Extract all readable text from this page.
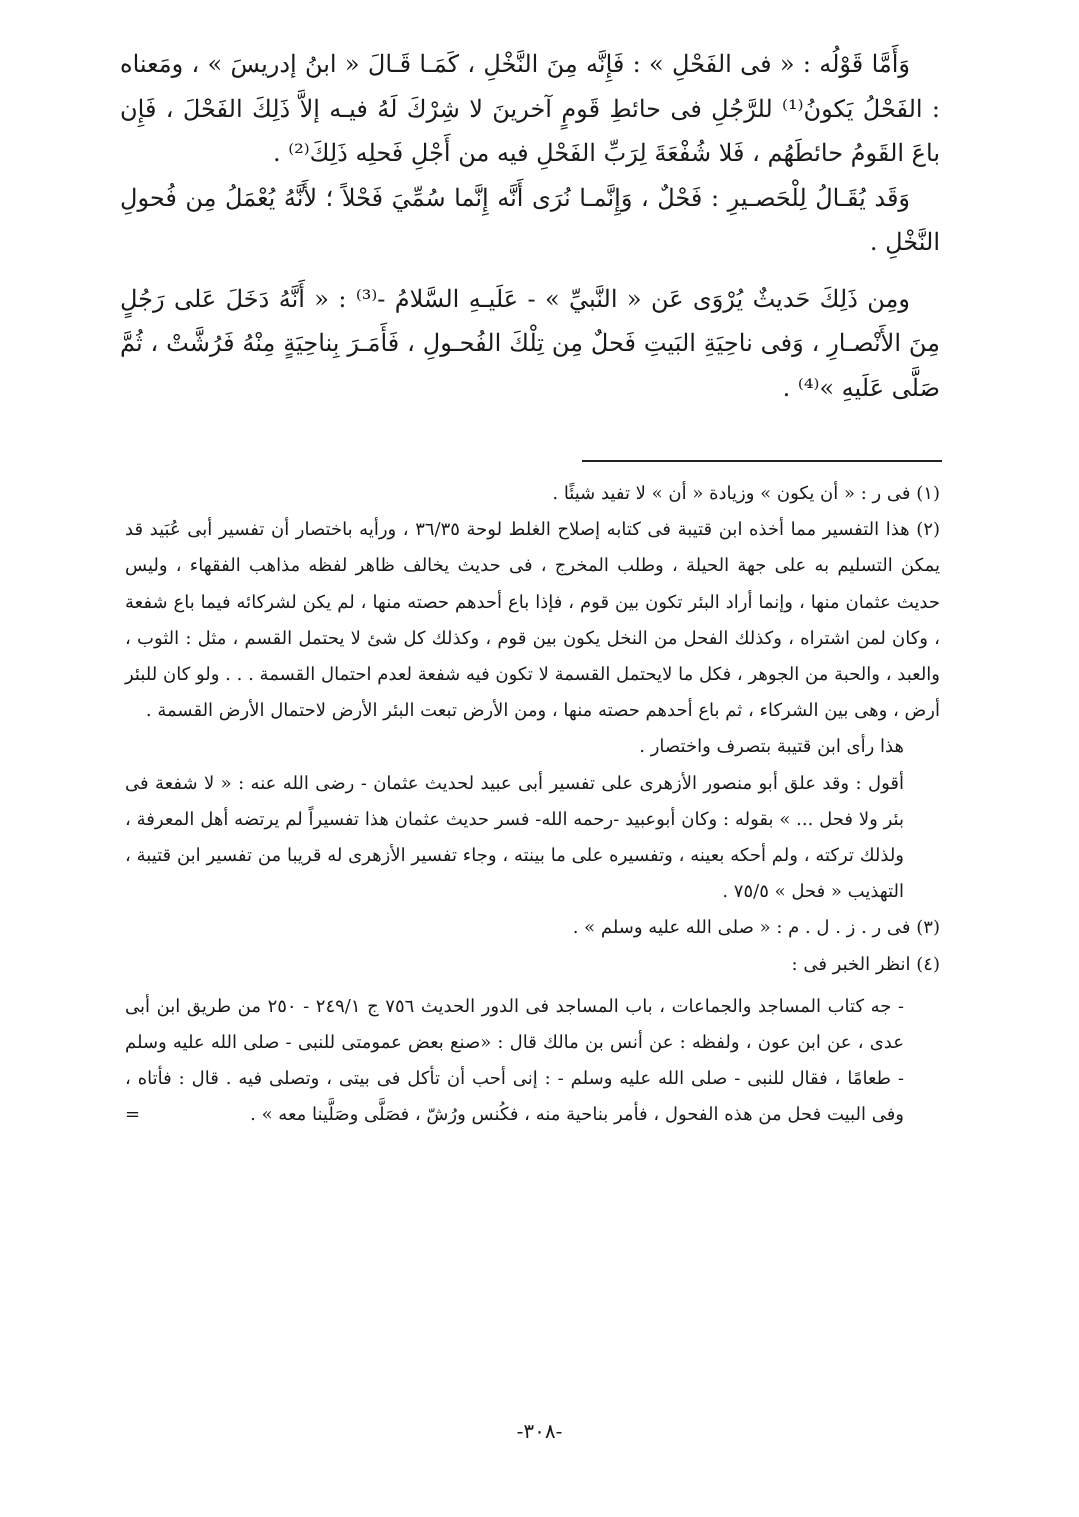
وَأَمَّا قَوْلُه : « فى الفَحْلِ » : فَإِنَّه مِنَ النَّخْلِ ، كَمَـا قَـالَ « ابنُ إدريسَ » ، ومَعناه : الفَحْلُ يَكونُ⁽¹⁾ للرَّجُلِ فى حائطِ قَومٍ آخرينَ لا شِرْكَ لَهُ فيـه إلاَّ ذَلِكَ الفَحْلَ ، فَإِن باعَ القَومُ حائطَهُم ، فَلا شُفْعَةَ لِرَبِّ الفَحْلِ فيه من أَجْلِ فَحلِه ذَلِكَ⁽²⁾ .

وَقَد يُقَـالُ لِلْحَصـيرِ : فَحْلٌ ، وَإِنَّمـا نُرَى أَنَّه إِنَّما سُمِّيَ فَحْلاً ؛ لأَنَّهُ يُعْمَلُ مِن فُحولِ النَّخْلِ .

ومِن ذَلِكَ حَديثٌ يُرْوَى عَن « النَّبيِّ » - عَلَيـهِ السَّلامُ -⁽³⁾ : « أَنَّهُ دَخَلَ عَلى رَجُلٍ مِنَ الأَنْصـارِ ، وَفى ناحِيَةِ البَيتِ فَحلٌ مِن تِلْكَ الفُحـولِ ، فَأَمَـرَ بِناحِيَةٍ مِنْهُ فَرُشَّتْ ، ثُمَّ صَلَّى عَلَيهِ »⁽⁴⁾ .

(١) فى ر : « أن يكون » وزيادة « أن » لا تفيد شيئًا .

(٢) هذا التفسير مما أخذه ابن قتيبة فى كتابه إصلاح الغلط لوحة ٣٦/٣٥ ، ورأيه باختصار أن تفسير أبى عُبَيد قد يمكن التسليم به على جهة الحيلة ، وطلب المخرج ، فى حديث يخالف ظاهر لفظه مذاهب الفقهاء ، وليس حديث عثمان منها ، وإنما أراد البئر تكون بين قوم ، فإذا باع أحدهم حصته منها ، لم يكن لشركائه فيما باع شفعة ، وكان لمن اشتراه ، وكذلك الفحل من النخل يكون بين قوم ، وكذلك كل شئ لا يحتمل القسم ، مثل : الثوب ، والعبد ، والحبة من الجوهر ، فكل ما لايحتمل القسمة لا تكون فيه شفعة لعدم احتمال القسمة . . . ولو كان للبئر أرض ، وهى بين الشركاء ، ثم باع أحدهم حصته منها ، ومن الأرض تبعت البئر الأرض لاحتمال الأرض القسمة .

هذا رأى ابن قتيبة بتصرف واختصار .

أقول : وقد علق أبو منصور الأزهرى على تفسير أبى عبيد لحديث عثمان - رضى الله عنه : « لا شفعة فى بئر ولا فحل ... » بقوله : وكان أبوعبيد -رحمه الله- فسر حديث عثمان هذا تفسيراً لم يرتضه أهل المعرفة ، ولذلك تركته ، ولم أحكه بعينه ، وتفسيره على ما بينته ، وجاء تفسير الأزهرى له قريبا من تفسير ابن قتيبة ، التهذيب « فحل » ٧٥/٥ .

(٣) فى ر . ز . ل . م : « صلى الله عليه وسلم » .

(٤) انظر الخبر فى :

- جه كتاب المساجد والجماعات ، باب المساجد فى الدور الحديث ٧٥٦ ج ٢٤٩/١ - ٢٥٠ من طريق ابن أبى عدى ، عن ابن عون ، ولفظه : عن أنس بن مالك قال : «صنع بعض عمومتى للنبى - صلى الله عليه وسلم - طعامًا ، فقال للنبى - صلى الله عليه وسلم - : إنى أحب أن تأكل فى بيتى ، وتصلى فيه . قال : فأتاه ، وفى البيت فحل من هذه الفحول ، فأمر بناحية منه ، فكُنس ورُشّ ، فصَلَّى وصَلَّينا معه » .
=

-٣٠٨-
